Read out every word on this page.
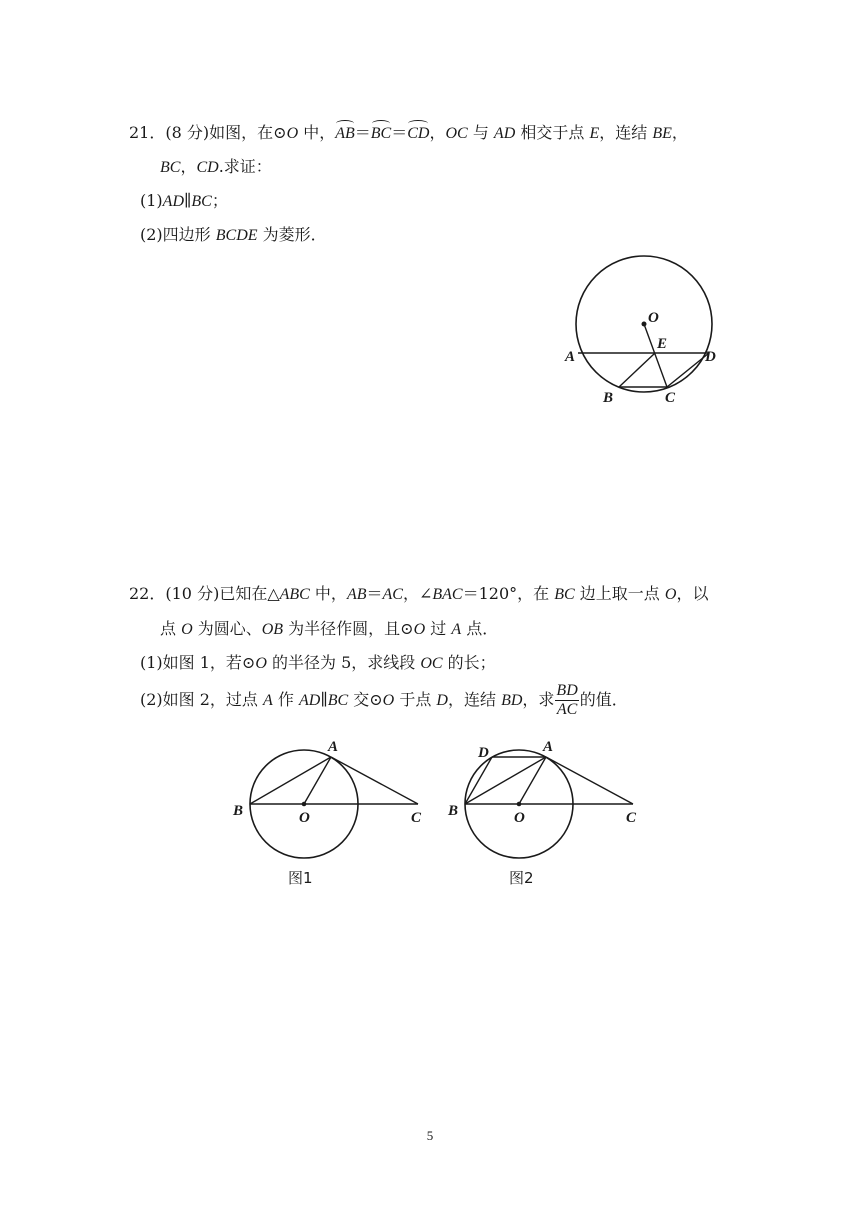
21．(8 分)如图，在⊙O 中，AB＝BC＝CD，OC 与 AD 相交于点 E，连结 BE，
BC，CD.求证：
(1)AD∥BC；
(2)四边形 BCDE 为菱形．
O
E
A	D
B	C
22．(10 分)已知在△ABC 中，AB＝AC，∠BAC＝120°，在 BC 边上取一点 O，以
点 O 为圆心、OB 为半径作圆，且⊙O 过 A 点．
(1)如图 1，若⊙O 的半径为 5，求线段 OC 的长；
(2)如图 2，过点 A 作 AD∥BC 交⊙O 于点 D，连结 BD，求 $\frac{BD}{AC}$ 的值．
A
B	O	C
图1
D	A
B	O	C
图2
5
